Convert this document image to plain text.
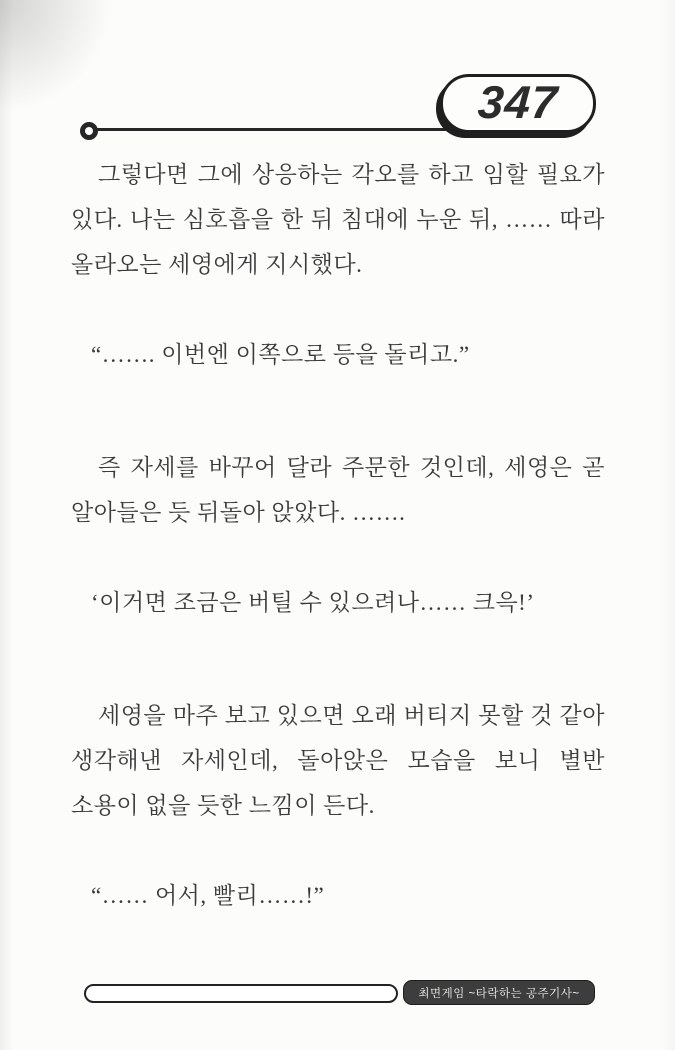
347

그렇다면 그에 상응하는 각오를 하고 임할 필요가 있다. 나는 심호흡을 한 뒤 침대에 누운 뒤, …… 따라 올라오는 세영에게 지시했다.

“……. 이번엔 이쪽으로 등을 돌리고.”

즉 자세를 바꾸어 달라 주문한 것인데, 세영은 곧 알아들은 듯 뒤돌아 앉았다. …….

‘이거면 조금은 버틸 수 있으려나…… 크윽!’

세영을 마주 보고 있으면 오래 버티지 못할 것 같아 생각해낸 자세인데, 돌아앉은 모습을 보니 별반 소용이 없을 듯한 느낌이 든다.

“…… 어서, 빨리……!”

최면게임 ~타락하는 공주기사~
